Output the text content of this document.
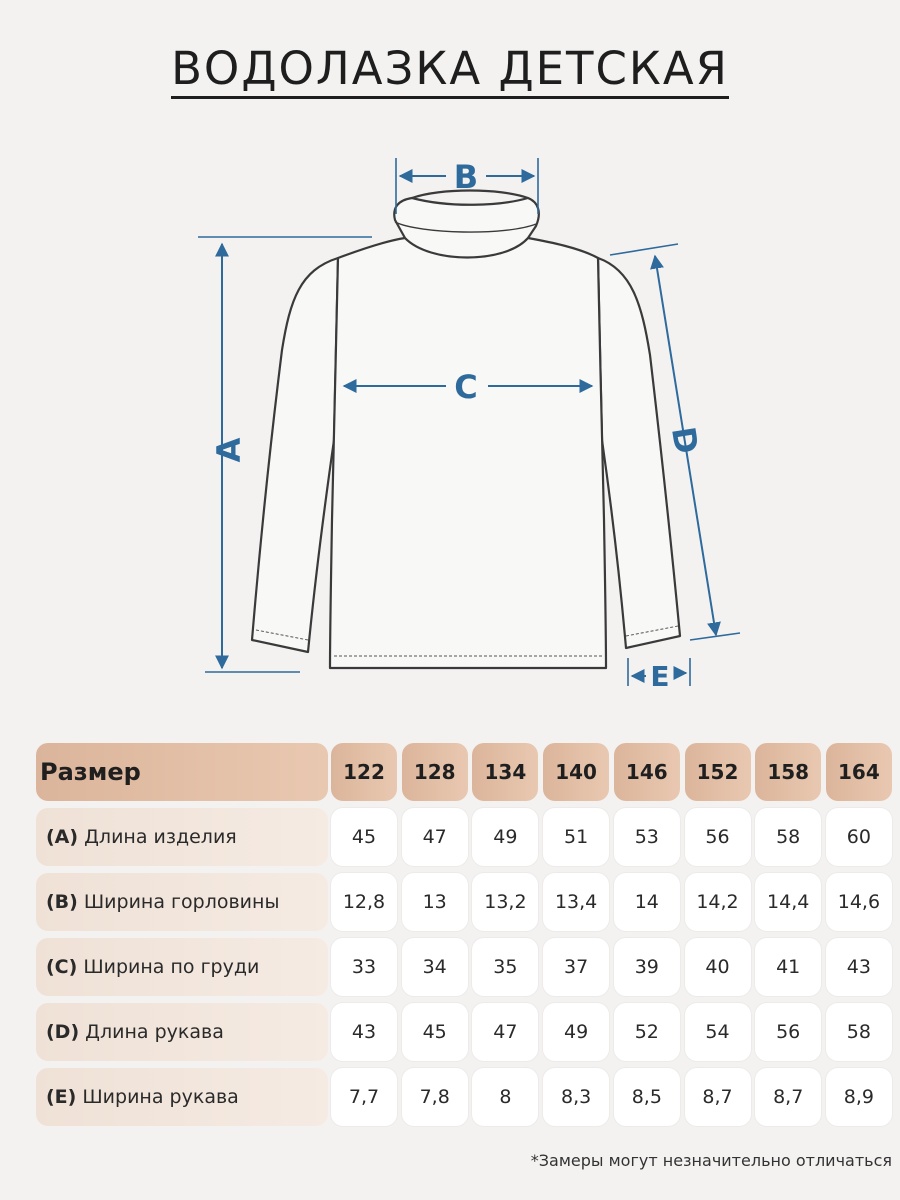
ВОДОЛАЗКА ДЕТСКАЯ
B
C
A	D
E
Размер	122	128	134	140	146	152	158	164
(A) Длина изделия	45	47	49	51	53	56	58	60
(B) Ширина горловины	12,8	13	13,2	13,4	14	14,2	14,4	14,6
(C) Ширина по груди	33	34	35	37	39	40	41	43
(D) Длина рукава	43	45	47	49	52	54	56	58
(E) Ширина рукава	7,7	7,8	8	8,3	8,5	8,7	8,7	8,9
*Замеры могут незначительно отличаться
